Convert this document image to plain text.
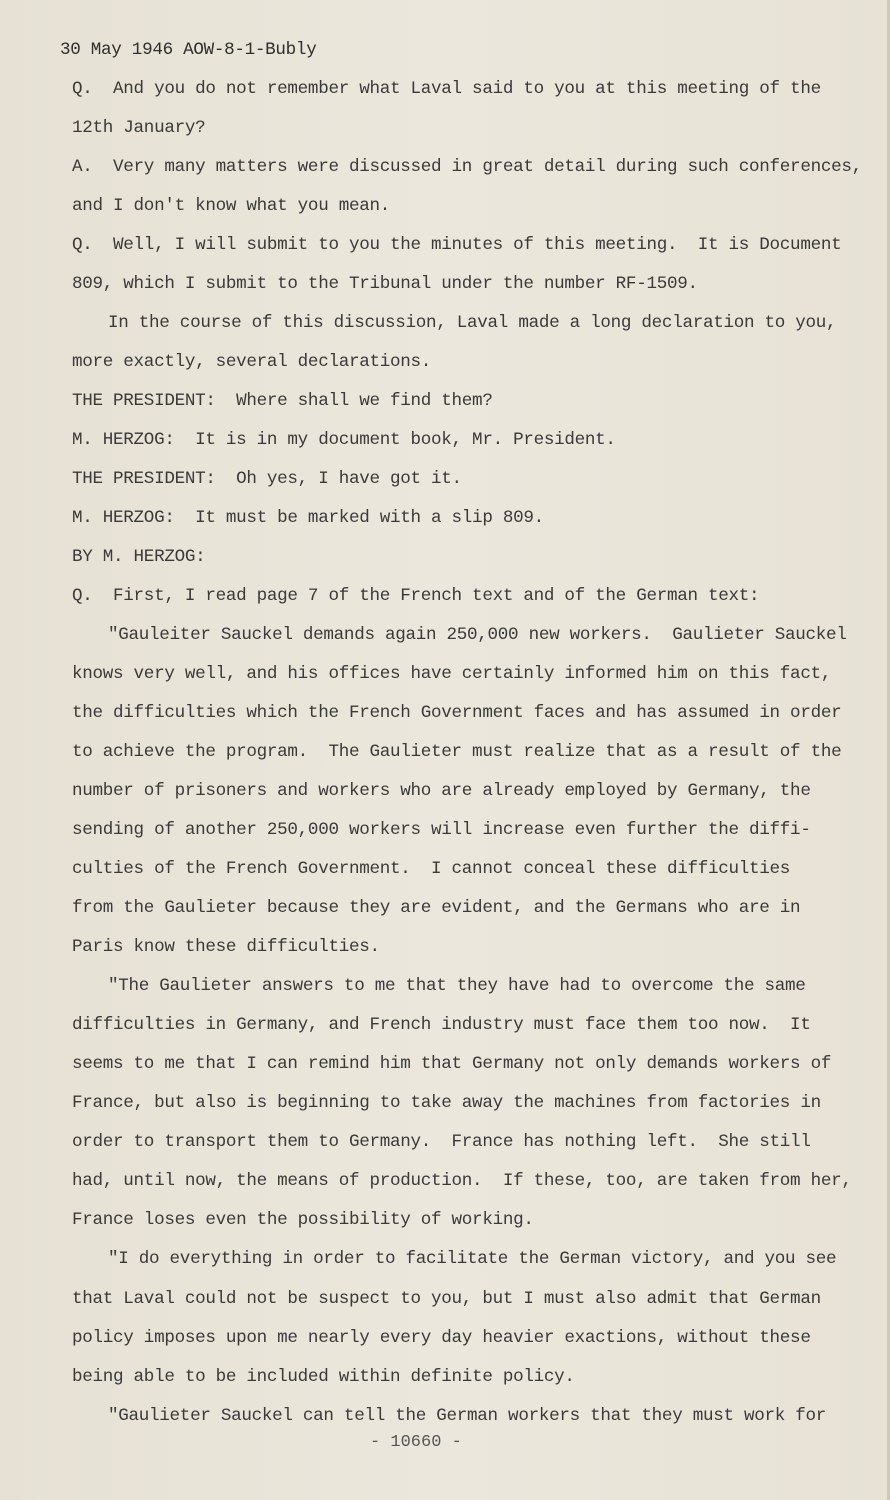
30 May 1946 AOW-8-1-Bubly
Q.  And you do not remember what Laval said to you at this meeting of the
12th January?
A.  Very many matters were discussed in great detail during such conferences,
and I don't know what you mean.
Q.  Well, I will submit to you the minutes of this meeting.  It is Document
809, which I submit to the Tribunal under the number RF-1509.
In the course of this discussion, Laval made a long declaration to you,
more exactly, several declarations.
THE PRESIDENT:  Where shall we find them?
M. HERZOG:  It is in my document book, Mr. President.
THE PRESIDENT:  Oh yes, I have got it.
M. HERZOG:  It must be marked with a slip 809.
BY M. HERZOG:
Q.  First, I read page 7 of the French text and of the German text:
"Gauleiter Sauckel demands again 250,000 new workers.  Gaulieter Sauckel
knows very well, and his offices have certainly informed him on this fact,
the difficulties which the French Government faces and has assumed in order
to achieve the program.  The Gaulieter must realize that as a result of the
number of prisoners and workers who are already employed by Germany, the
sending of another 250,000 workers will increase even further the diffi-
culties of the French Government.  I cannot conceal these difficulties
from the Gaulieter because they are evident, and the Germans who are in
Paris know these difficulties.
"The Gaulieter answers to me that they have had to overcome the same
difficulties in Germany, and French industry must face them too now.  It
seems to me that I can remind him that Germany not only demands workers of
France, but also is beginning to take away the machines from factories in
order to transport them to Germany.  France has nothing left.  She still
had, until now, the means of production.  If these, too, are taken from her,
France loses even the possibility of working.
"I do everything in order to facilitate the German victory, and you see
that Laval could not be suspect to you, but I must also admit that German
policy imposes upon me nearly every day heavier exactions, without these
being able to be included within definite policy.
"Gaulieter Sauckel can tell the German workers that they must work for
- 10660 -
